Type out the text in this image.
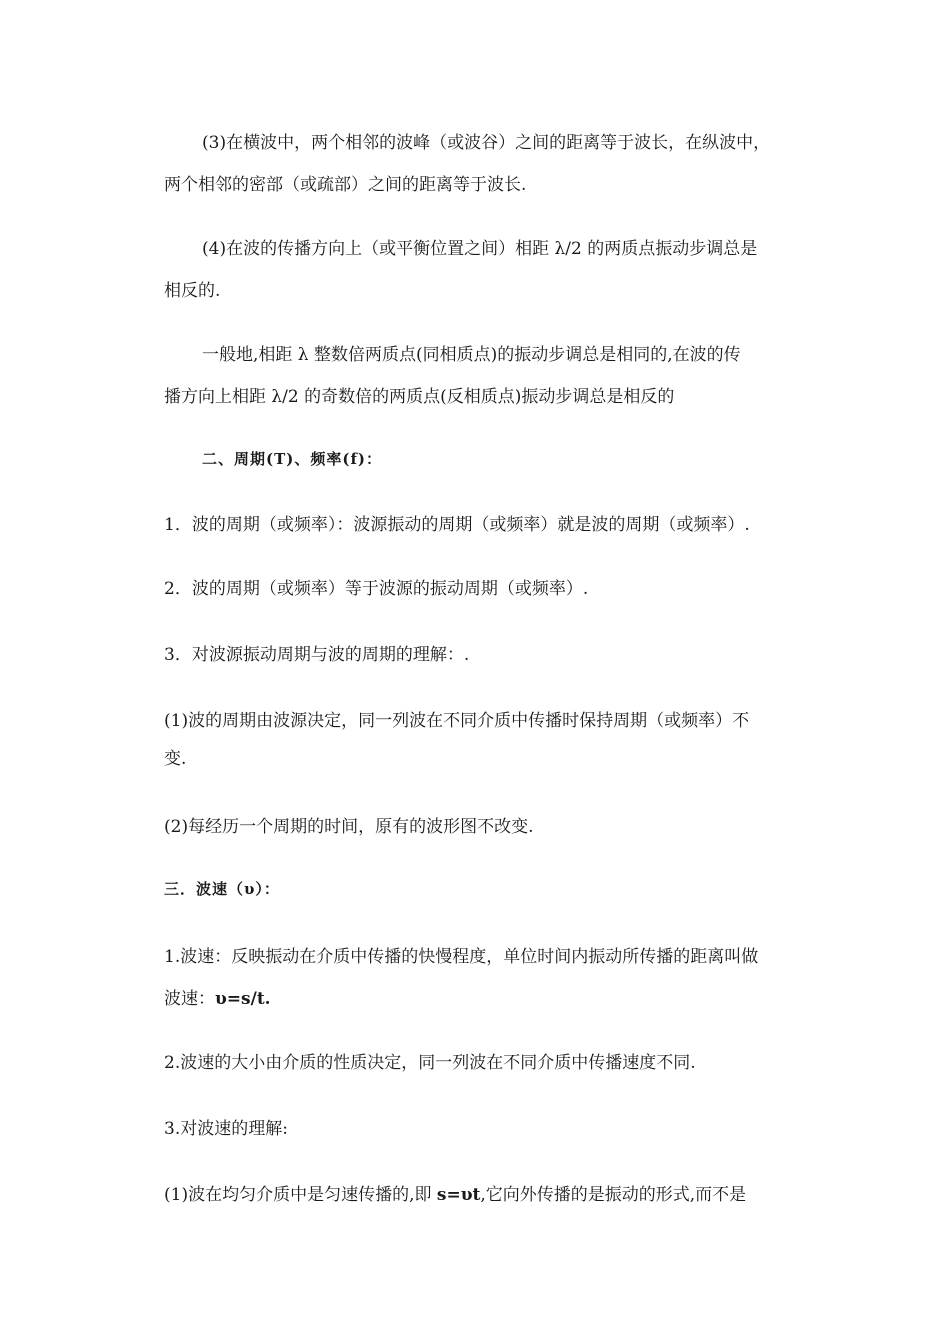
(3)在横波中，两个相邻的波峰（或波谷）之间的距离等于波长，在纵波中，
两个相邻的密部（或疏部）之间的距离等于波长.
(4)在波的传播方向上（或平衡位置之间）相距 λ/2 的两质点振动步调总是
相反的.
一般地,相距 λ 整数倍两质点(同相质点)的振动步调总是相同的,在波的传
播方向上相距 λ/2 的奇数倍的两质点(反相质点)振动步调总是相反的
二、周期(T)、频率(f)：
1．波的周期（或频率）：波源振动的周期（或频率）就是波的周期（或频率）.
2．波的周期（或频率）等于波源的振动周期（或频率）.
3．对波源振动周期与波的周期的理解：.
(1)波的周期由波源决定，同一列波在不同介质中传播时保持周期（或频率）不
变.
(2)每经历一个周期的时间，原有的波形图不改变.
三．波速（υ）：
1.波速：反映振动在介质中传播的快慢程度，单位时间内振动所传播的距离叫做
波速：υ=s/t.
2.波速的大小由介质的性质决定，同一列波在不同介质中传播速度不同.
3.对波速的理解:
(1)波在均匀介质中是匀速传播的,即 s=υt,它向外传播的是振动的形式,而不是
